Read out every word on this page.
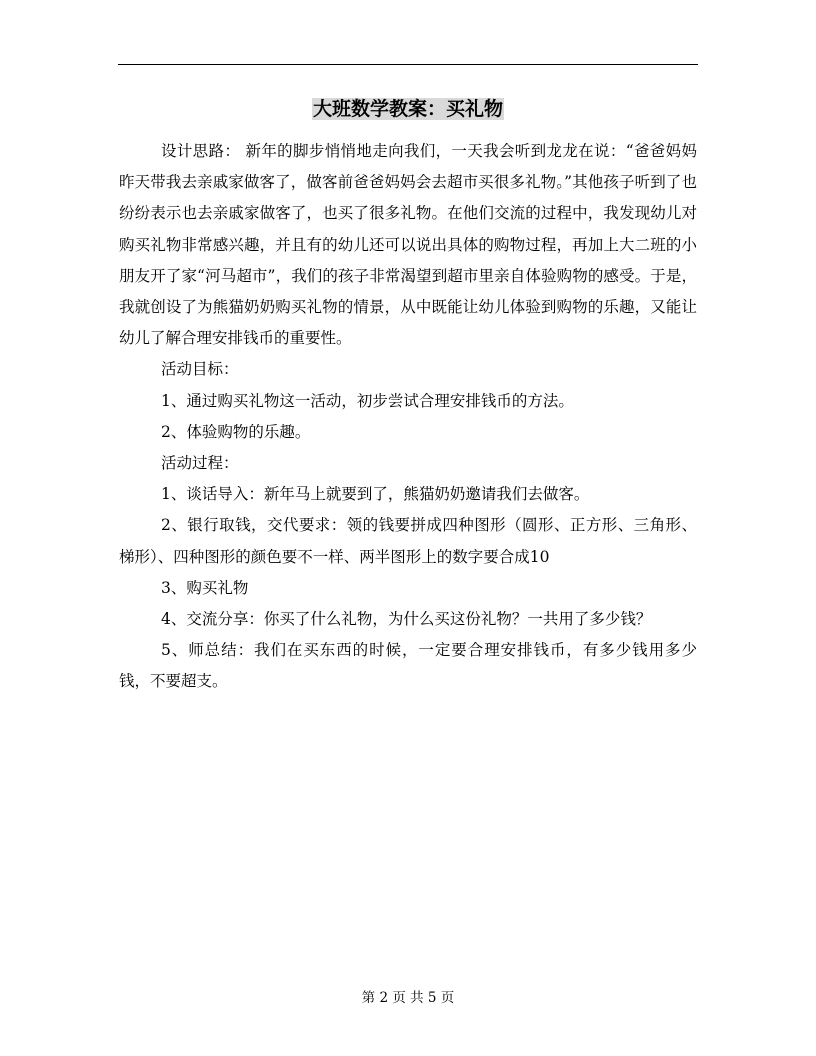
大班数学教案：买礼物

设计思路： 新年的脚步悄悄地走向我们，一天我会听到龙龙在说：“爸爸妈妈昨天带我去亲戚家做客了，做客前爸爸妈妈会去超市买很多礼物。”其他孩子听到了也纷纷表示也去亲戚家做客了，也买了很多礼物。在他们交流的过程中，我发现幼儿对购买礼物非常感兴趣，并且有的幼儿还可以说出具体的购物过程，再加上大二班的小朋友开了家“河马超市”，我们的孩子非常渴望到超市里亲自体验购物的感受。于是，我就创设了为熊猫奶奶购买礼物的情景，从中既能让幼儿体验到购物的乐趣，又能让幼儿了解合理安排钱币的重要性。

活动目标：

1、通过购买礼物这一活动，初步尝试合理安排钱币的方法。

2、体验购物的乐趣。

活动过程：

1、谈话导入：新年马上就要到了，熊猫奶奶邀请我们去做客。

2、银行取钱，交代要求：领的钱要拼成四种图形（圆形、正方形、三角形、梯形）、四种图形的颜色要不一样、两半图形上的数字要合成10

3、购买礼物

4、交流分享：你买了什么礼物，为什么买这份礼物？一共用了多少钱？

5、师总结：我们在买东西的时候，一定要合理安排钱币，有多少钱用多少钱，不要超支。

第 2 页 共 5 页
